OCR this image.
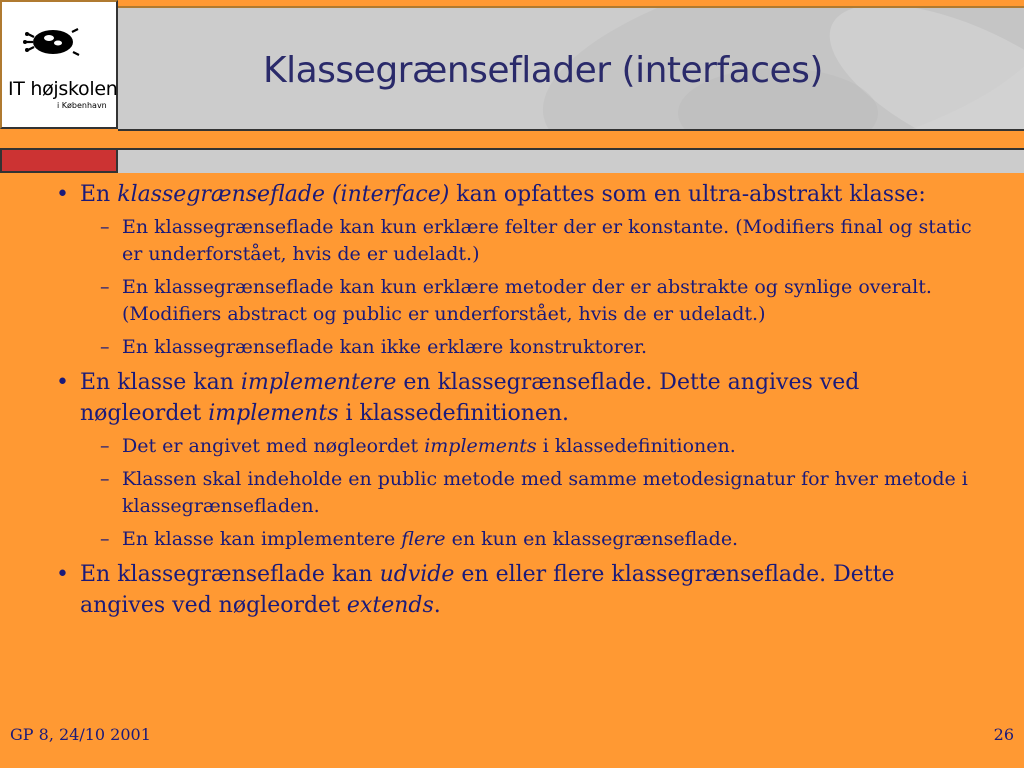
IT højskolen
i København
Klassegrænseflader (interfaces)
• En klassegrænseflade (interface) kan opfattes som en ultra-abstrakt klasse:
– En klassegrænseflade kan kun erklære felter der er konstante. (Modifiers final og static er underforstået, hvis de er udeladt.)
– En klassegrænseflade kan kun erklære metoder der er abstrakte og synlige overalt. (Modifiers abstract og public er underforstået, hvis de er udeladt.)
– En klassegrænseflade kan ikke erklære konstruktorer.
• En klasse kan implementere en klassegrænseflade. Dette angives ved nøgleordet implements i klassedefinitionen.
– Det er angivet med nøgleordet implements i klassedefinitionen.
– Klassen skal indeholde en public metode med samme metodesignatur for hver metode i klassegrænsefladen.
– En klasse kan implementere flere en kun en klassegrænseflade.
• En klassegrænseflade kan udvide en eller flere klassegrænseflade. Dette angives ved nøgleordet extends.
GP 8, 24/10 2001	26
